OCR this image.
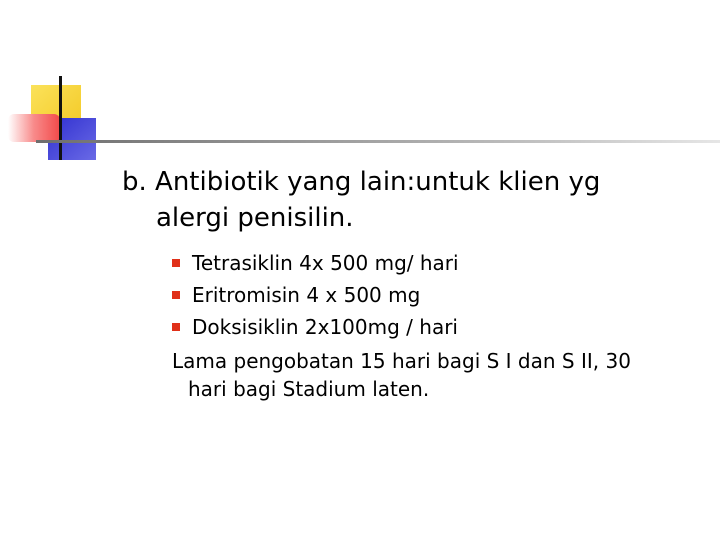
b. Antibiotik yang lain:untuk klien yg
alergi penisilin.

Tetrasiklin 4x 500 mg/ hari
Eritromisin 4 x 500 mg
Doksisiklin 2x100mg / hari
Lama pengobatan 15 hari bagi S I dan S II, 30
hari bagi Stadium laten.
